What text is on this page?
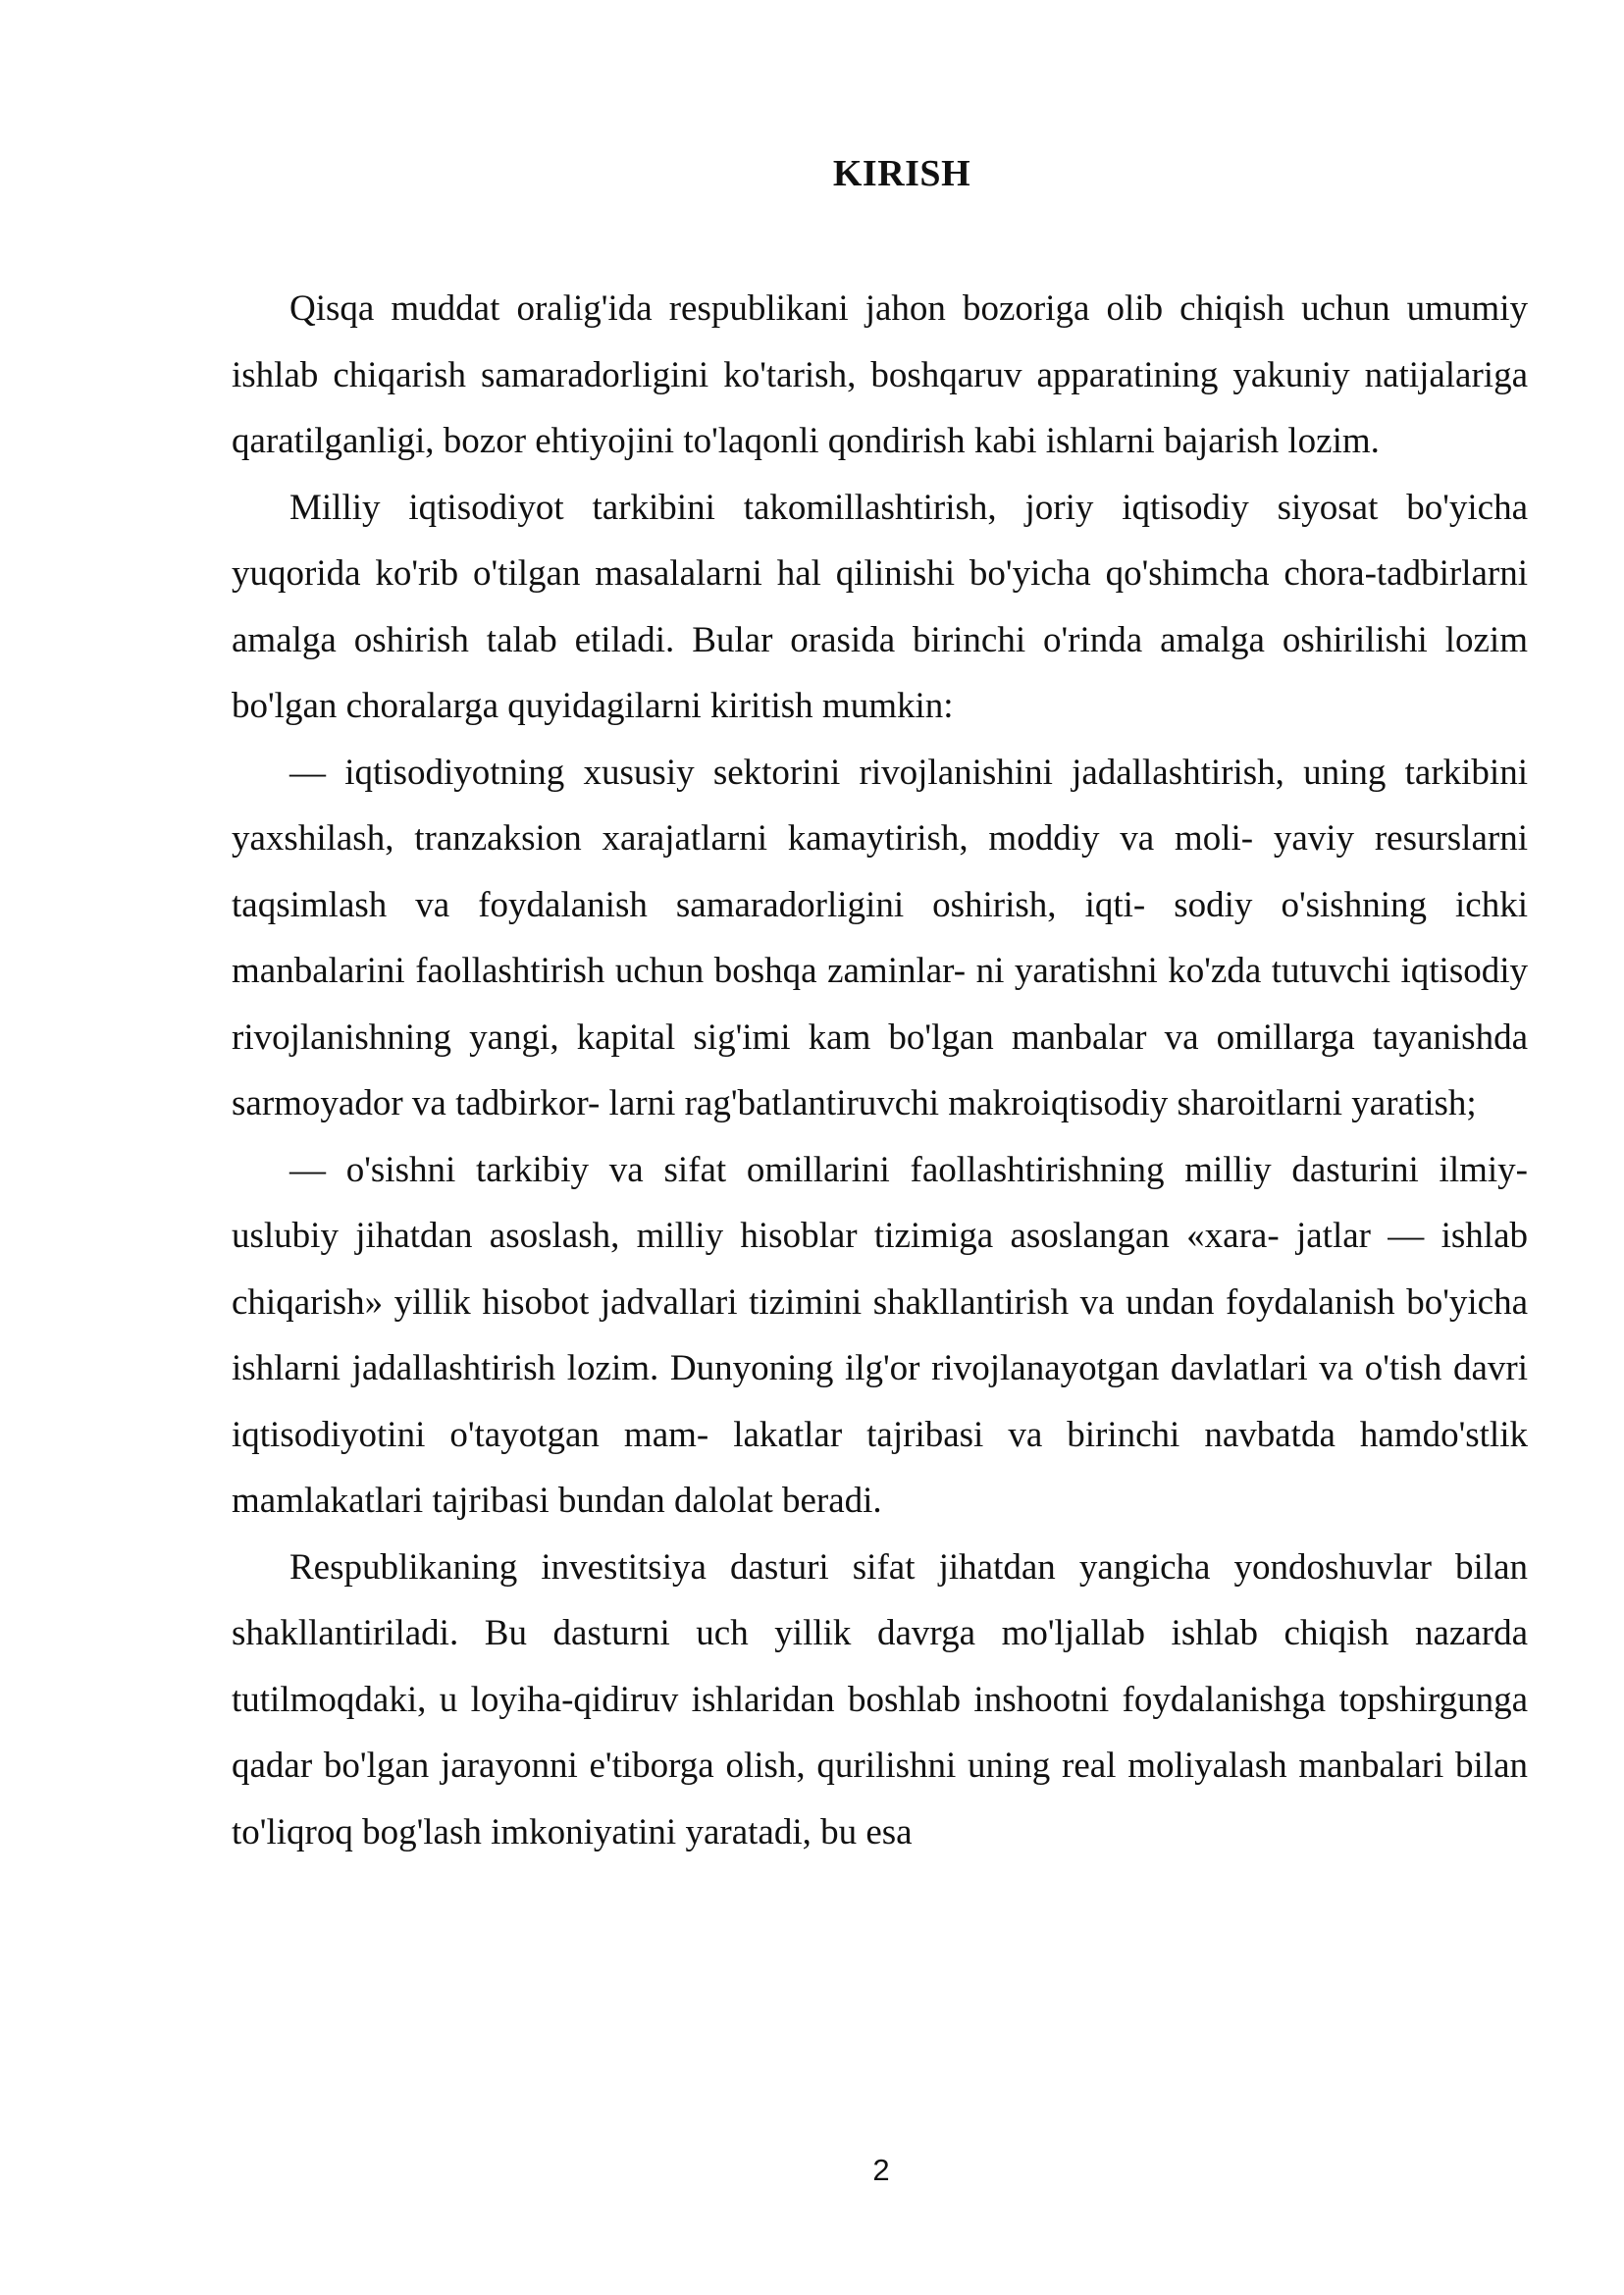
KIRISH

Qisqa muddat oralig'ida respublikani jahon bozoriga olib chiqish uchun umumiy ishlab chiqarish samaradorligini ko'tarish, boshqaruv apparatining yakuniy natijalariga qaratilganligi, bozor ehtiyojini to'laqonli qondirish kabi ishlarni bajarish lozim.

Milliy iqtisodiyot tarkibini takomillashtirish, joriy iqtisodiy siyosat bo'yicha yuqorida ko'rib o'tilgan masalalarni hal qilinishi bo'yicha qo'shimcha chora-tadbirlarni amalga oshirish talab etiladi. Bular orasida birinchi o'rinda amalga oshirilishi lozim bo'lgan choralarga quyidagilarni kiritish mumkin:

— iqtisodiyotning xususiy sektorini rivojlanishini jadallashtirish, uning tarkibini yaxshilash, tranzaksion xarajatlarni kamaytirish, moddiy va moli- yaviy resurslarni taqsimlash va foydalanish samaradorligini oshirish, iqti- sodiy o'sishning ichki manbalarini faollashtirish uchun boshqa zaminlar- ni yaratishni ko'zda tutuvchi iqtisodiy rivojlanishning yangi, kapital sig'imi kam bo'lgan manbalar va omillarga tayanishda sarmoyador va tadbirkor- larni rag'batlantiruvchi makroiqtisodiy sharoitlarni yaratish;

— o'sishni tarkibiy va sifat omillarini faollashtirishning milliy dasturini ilmiy-uslubiy jihatdan asoslash, milliy hisoblar tizimiga asoslangan «xara- jatlar — ishlab chiqarish» yillik hisobot jadvallari tizimini shakllantirish va undan foydalanish bo'yicha ishlarni jadallashtirish lozim. Dunyoning ilg'or rivojlanayotgan davlatlari va o'tish davri iqtisodiyotini o'tayotgan mam- lakatlar tajribasi va birinchi navbatda hamdo'stlik mamlakatlari tajribasi bundan dalolat beradi.

Respublikaning investitsiya dasturi sifat jihatdan yangicha yondoshuvlar bilan shakllantiriladi. Bu dasturni uch yillik davrga mo'ljallab ishlab chiqish nazarda tutilmoqdaki, u loyiha-qidiruv ishlaridan boshlab inshootni foydalanishga topshirgunga qadar bo'lgan jarayonni e'tiborga olish, qurilishni uning real moliyalash manbalari bilan to'liqroq bog'lash imkoniyatini yaratadi, bu esa

2
